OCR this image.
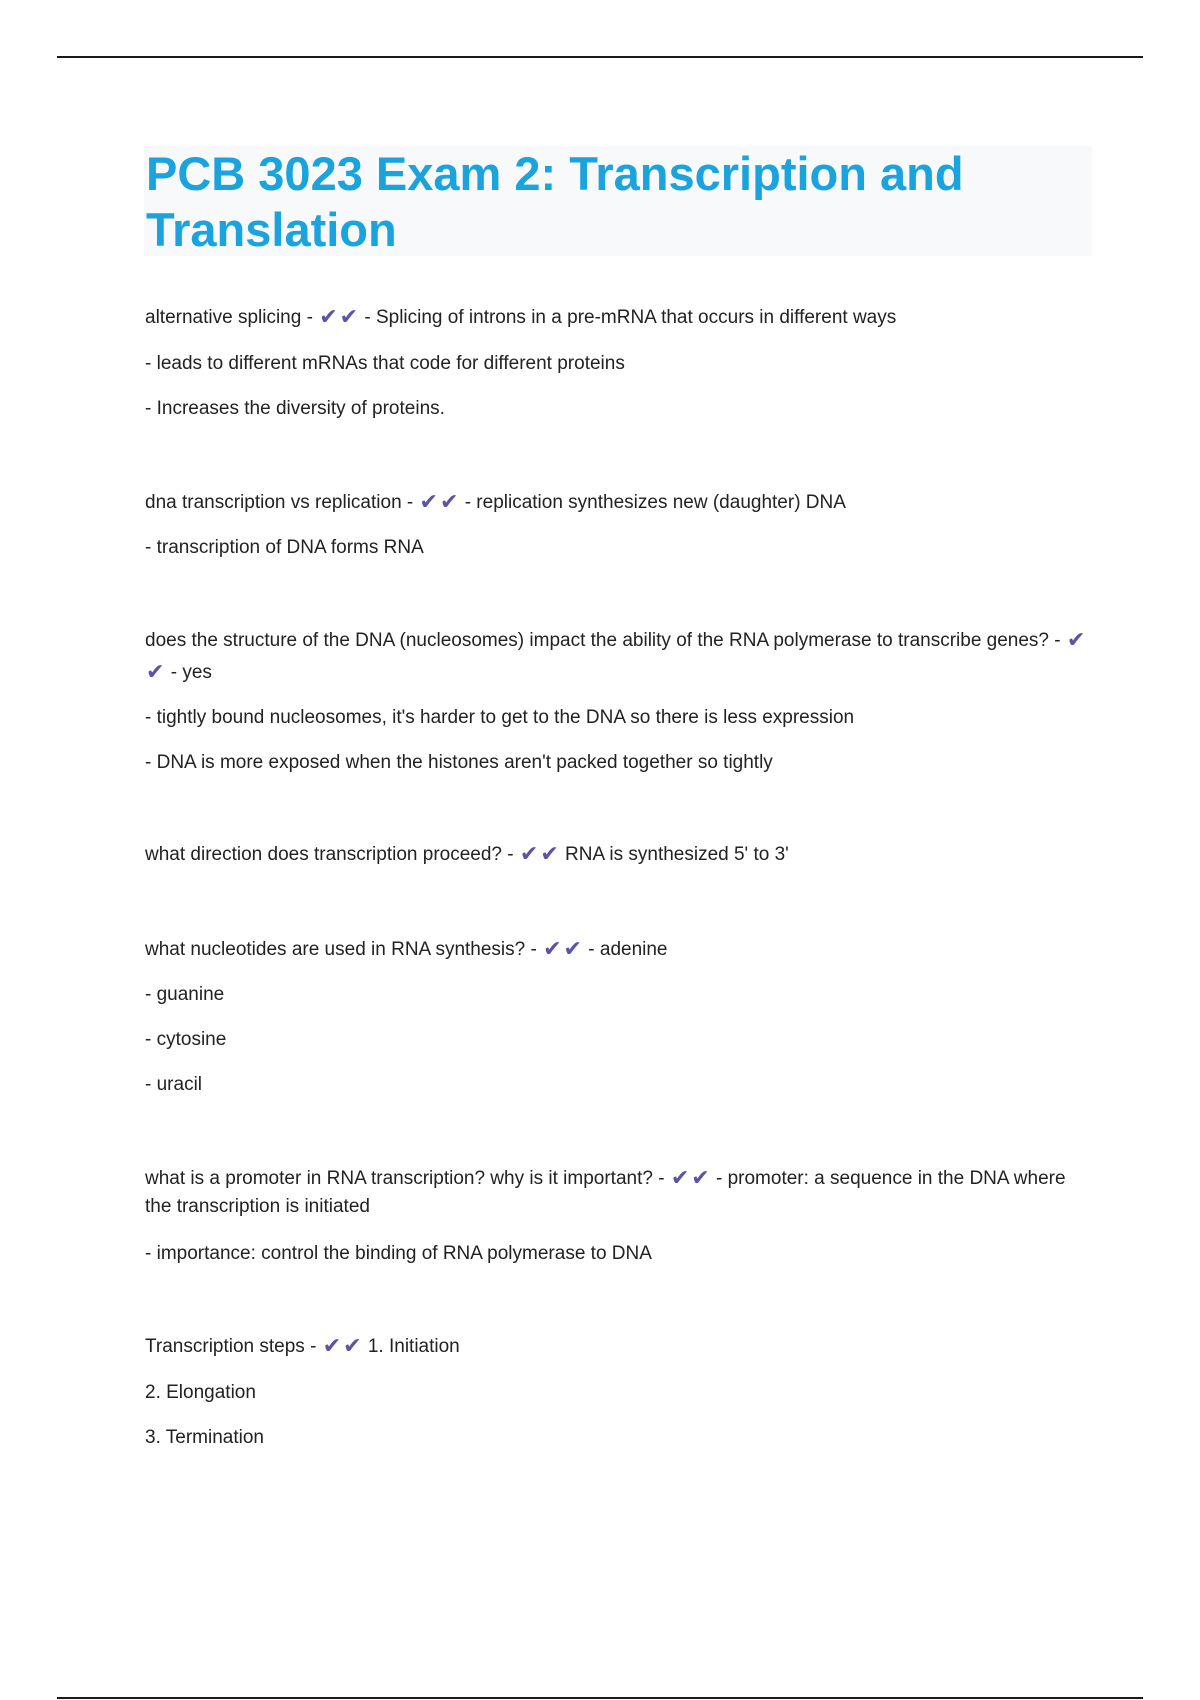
PCB 3023 Exam 2: Transcription and Translation
alternative splicing - ✔✔ - Splicing of introns in a pre-mRNA that occurs in different ways
- leads to different mRNAs that code for different proteins
- Increases the diversity of proteins.
dna transcription vs replication - ✔✔ - replication synthesizes new (daughter) DNA
- transcription of DNA forms RNA
does the structure of the DNA (nucleosomes) impact the ability of the RNA polymerase to transcribe genes? - ✔✔ - yes
- tightly bound nucleosomes, it's harder to get to the DNA so there is less expression
- DNA is more exposed when the histones aren't packed together so tightly
what direction does transcription proceed? - ✔✔ RNA is synthesized 5' to 3'
what nucleotides are used in RNA synthesis? - ✔✔ - adenine
- guanine
- cytosine
- uracil
what is a promoter in RNA transcription? why is it important? - ✔✔ - promoter: a sequence in the DNA where the transcription is initiated
- importance: control the binding of RNA polymerase to DNA
Transcription steps - ✔✔ 1. Initiation
2. Elongation
3. Termination
